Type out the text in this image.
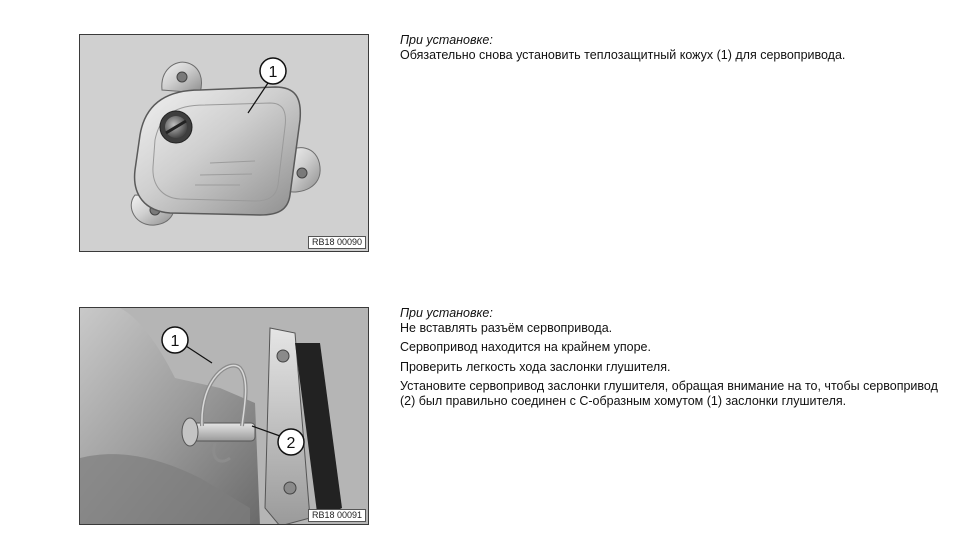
1
RB18 00090

При установке:

Обязательно снова установить теплозащитный кожух (1) для сервопривода.

1
2
RB18 00091

При установке:

Не вставлять разъём сервопривода.

Сервопривод находится на крайнем упоре.

Проверить легкость хода заслонки глушителя.

Установите сервопривод заслонки глушителя, обращая внимание на то, чтобы сервопривод (2) был правильно соединен с С-образным хомутом (1) заслонки глушителя.
